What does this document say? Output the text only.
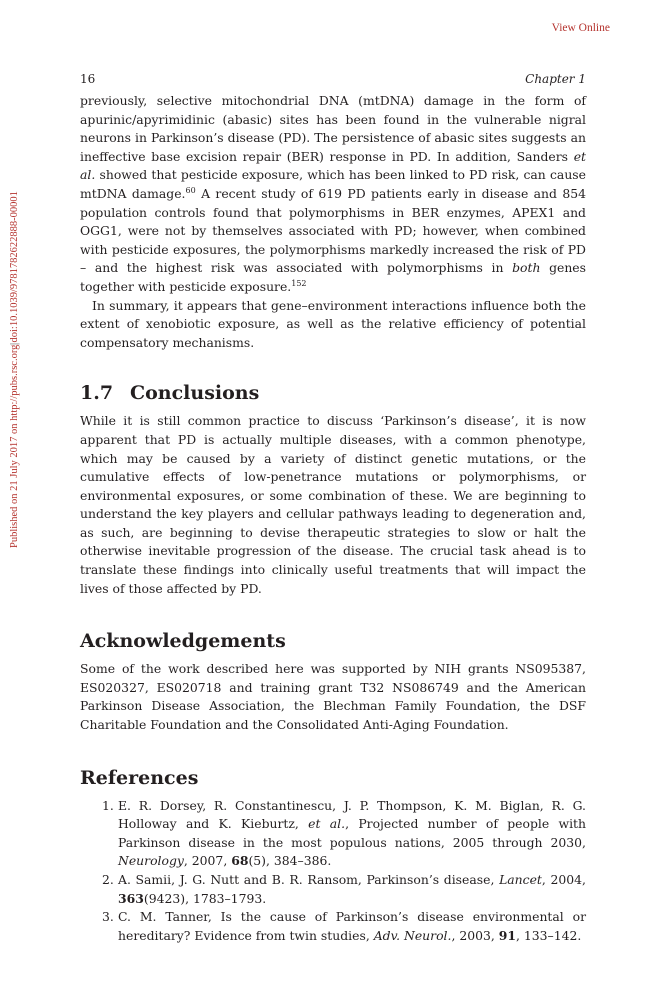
View Online
Published on 21 July 2017 on http://pubs.rsc.org|doi:10.1039/9781782622888-00001
16	Chapter 1

previously, selective mitochondrial DNA (mtDNA) damage in the form of apurinic/apyrimidinic (abasic) sites has been found in the vulnerable nigral neurons in Parkinson’s disease (PD). The persistence of abasic sites suggests an ineffective base excision repair (BER) response in PD. In addition, Sanders et al. showed that pesticide exposure, which has been linked to PD risk, can cause mtDNA damage.$^{60}$ A recent study of 619 PD patients early in disease and 854 population controls found that polymorphisms in BER enzymes, APEX1 and OGG1, were not by themselves associated with PD; however, when combined with pesticide exposures, the polymorphisms markedly increased the risk of PD – and the highest risk was associated with polymorphisms in both genes together with pesticide exposure.$^{152}$

In summary, it appears that gene–environment interactions influence both the extent of xenobiotic exposure, as well as the relative efficiency of potential compensatory mechanisms.

1.7 Conclusions

While it is still common practice to discuss ‘Parkinson’s disease’, it is now apparent that PD is actually multiple diseases, with a common phenotype, which may be caused by a variety of distinct genetic mutations, or the cumulative effects of low-penetrance mutations or polymorphisms, or environmental exposures, or some combination of these. We are beginning to understand the key players and cellular pathways leading to degeneration and, as such, are beginning to devise therapeutic strategies to slow or halt the otherwise inevitable progression of the disease. The crucial task ahead is to translate these findings into clinically useful treatments that will impact the lives of those affected by PD.

Acknowledgements

Some of the work described here was supported by NIH grants NS095387, ES020327, ES020718 and training grant T32 NS086749 and the American Parkinson Disease Association, the Blechman Family Foundation, the DSF Charitable Foundation and the Consolidated Anti-Aging Foundation.

References
1. E. R. Dorsey, R. Constantinescu, J. P. Thompson, K. M. Biglan, R. G. Holloway and K. Kieburtz, et al., Projected number of people with Parkinson disease in the most populous nations, 2005 through 2030, Neurology, 2007, 68(5), 384–386.
2. A. Samii, J. G. Nutt and B. R. Ransom, Parkinson’s disease, Lancet, 2004, 363(9423), 1783–1793.
3. C. M. Tanner, Is the cause of Parkinson’s disease environmental or hereditary? Evidence from twin studies, Adv. Neurol., 2003, 91, 133–142.
